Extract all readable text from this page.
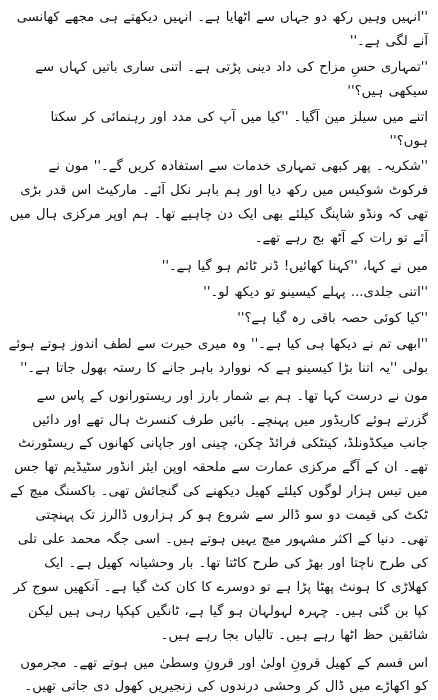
''انہیں وہیں رکھ دو جہاں سے اٹھایا ہے۔ انہیں دیکھتے ہی مجھے کھانسی آنے لگی ہے۔''

''تمہاری حسِ مزاح کی داد دینی پڑتی ہے۔ اتنی ساری باتیں کہاں سے سیکھی ہیں؟''

اتنے میں سیلز مین آگیا۔ ''کیا میں آپ کی مدد اور رہنمائی کر سکتا ہوں؟''

''شکریہ۔ پھر کبھی تمہاری خدمات سے استفادہ کریں گے۔'' مون نے فرکوٹ شوکیس میں رکھ دیا اور ہم باہر نکل آئے۔ مارکیٹ اس قدر بڑی تھی کہ ونڈو شاپنگ کیلئے بھی ایک دن چاہیے تھا۔ ہم اوپر مرکزی ہال میں آئے تو رات کے آٹھ بج رہے تھے۔

میں نے کہا، ''کہنا کھائیں! ڈنر ٹائم ہو گیا ہے۔''

''اتنی جلدی... پہلے کیسینو تو دیکھ لو۔''

''کیا کوئی حصہ باقی رہ گیا ہے؟''

''ابھی تم نے دیکھا ہی کیا ہے۔'' وہ میری حیرت سے لطف اندوز ہوتے ہوئے بولی ''یہ اتنا بڑا کیسینو ہے کہ نووارد باہر جانے کا رستہ بھول جاتا ہے۔''

مون نے درست کہا تھا۔ ہم بے شمار بارز اور ریستورانوں کے پاس سے گزرتے ہوئے کاریڈور میں پہنچے۔ بائیں طرف کنسرٹ ہال تھے اور دائیں جانب میکڈونلڈ، کینٹکی فرائڈ چکن، چینی اور جاپانی کھانوں کے ریسٹورنٹ تھے۔ ان کے آگے مرکزی عمارت سے ملحقہ اوپن ایئر انڈور سٹیڈیم تھا جس میں تیس ہزار لوگوں کیلئے کھیل دیکھنے کی گنجائش تھی۔ باکسنگ میچ کے ٹکٹ کی قیمت دو سو ڈالر سے شروع ہو کر ہزاروں ڈالرز تک پہنچتی تھی۔ دنیا کے اکثر مشہور میچ یہیں ہوتے ہیں۔ اسی جگہ محمد علی تلی کی طرح ناچتا اور بھڑ کی طرح کاٹتا تھا۔ بار وحشیانہ کھیل ہے۔ ایک کھلاڑی کا ہونٹ پھٹا پڑا ہے تو دوسرے کا کان کٹ گیا ہے۔ آنکھیں سوج کر کپا بن گئی ہیں۔ چہرہ لہولہان ہو گیا ہے، ٹانگیں کپکپا رہی ہیں لیکن شائقین حظ اٹھا رہے ہیں۔ تالیاں بجا رہے ہیں۔

اس قسم کے کھیل قرونِ اولیٰ اور قرونِ وسطیٰ میں ہوتے تھے۔ مجرموں کو اکھاڑے میں ڈال کر وحشی درندوں کی زنجیریں کھول دی جاتی تھیں۔
